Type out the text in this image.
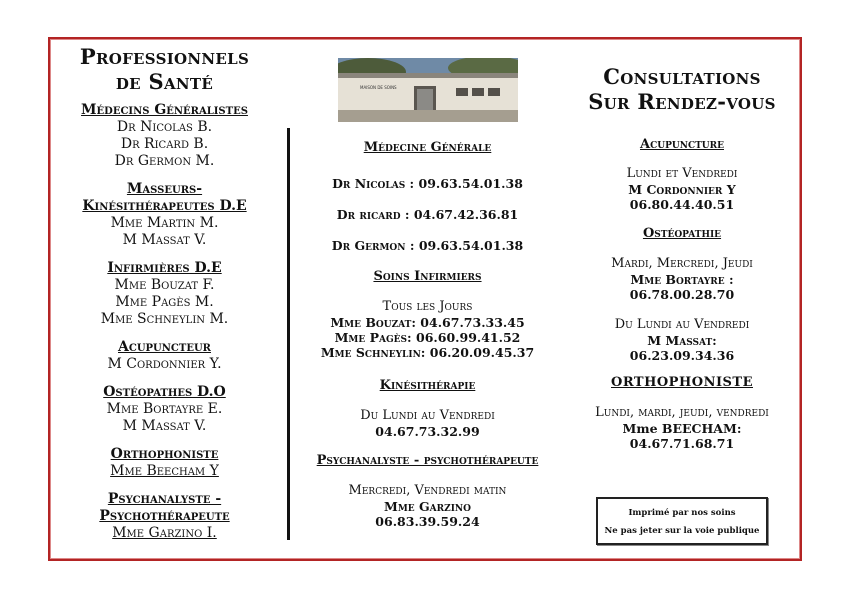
Professionnels
de Santé
Médecins Généralistes
Dr Nicolas B.
Dr Ricard B.
Dr Germon M.
Masseurs-
Kinésithérapeutes D.E
Mme Martin M.
M Massat V.
Infirmières D.E
Mme Bouzat F.
Mme Pagès M.
Mme Schneylin M.
Acupuncteur
M Cordonnier Y.
Ostéopathes D.O
Mme Bortayre E.
M Massat V.
Orthophoniste
Mme Beecham Y
Psychanalyste -
Psychothérapeute
Mme Garzino I.
MAISON DE SOINS
Médecine Générale
Dr Nicolas : 09.63.54.01.38
Dr ricard : 04.67.42.36.81
Dr Germon : 09.63.54.01.38
Soins Infirmiers
Tous les Jours
Mme Bouzat: 04.67.73.33.45
Mme Pagès: 06.60.99.41.52
Mme Schneylin: 06.20.09.45.37
Kinésithérapie
Du Lundi au Vendredi
04.67.73.32.99
Psychanalyste - psychothérapeute
Mercredi, Vendredi matin
Mme Garzino
06.83.39.59.24
Consultations
Sur Rendez-vous
Acupuncture
Lundi et Vendredi
M Cordonnier Y
06.80.44.40.51
Ostéopathie
Mardi, Mercredi, Jeudi
Mme Bortayre :
06.78.00.28.70
Du Lundi au Vendredi
M Massat:
06.23.09.34.36
ORTHOPHONISTE
Lundi, mardi, jeudi, vendredi
Mme BEECHAM:
04.67.71.68.71
Imprimé par nos soins
Ne pas jeter sur la voie publique
